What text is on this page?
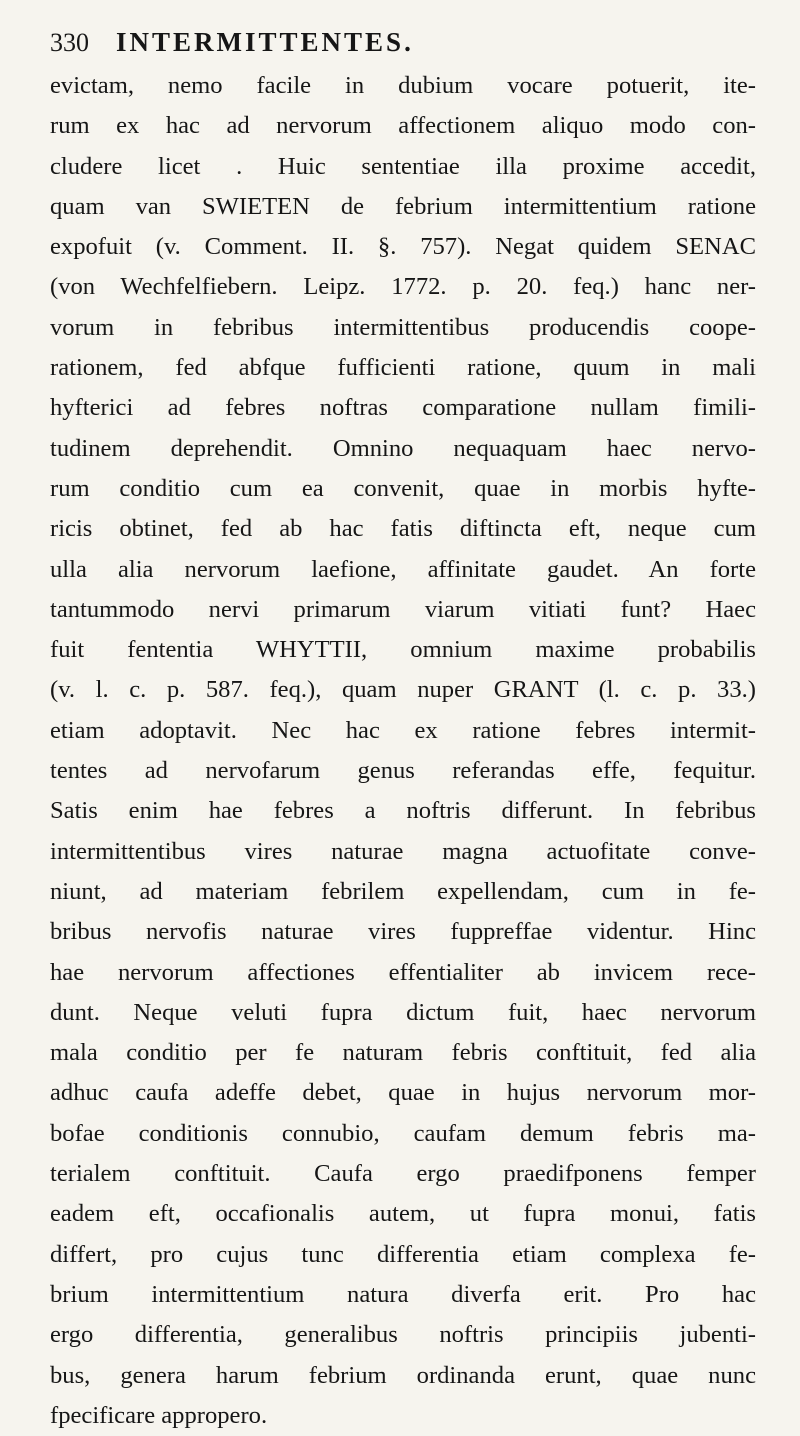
330	INTERMITTENTES.

evictam, nemo facile in dubium vocare potuerit, ite-
rum ex hac ad nervorum affectionem aliquo modo con-
cludere licet . Huic sententiae illa proxime accedit,
quam van SWIETEN de febrium intermittentium ratione
expofuit (v. Comment. II. §. 757). Negat quidem SENAC
(von Wechfelfiebern. Leipz. 1772. p. 20. feq.) hanc ner-
vorum in febribus intermittentibus producendis coope-
rationem, fed abfque fufficienti ratione, quum in mali
hyfterici ad febres noftras comparatione nullam fimili-
tudinem deprehendit. Omnino nequaquam haec nervo-
rum conditio cum ea convenit, quae in morbis hyfte-
ricis obtinet, fed ab hac fatis diftincta eft, neque cum
ulla alia nervorum laefione, affinitate gaudet. An forte
tantummodo nervi primarum viarum vitiati funt? Haec
fuit fententia WHYTTII, omnium maxime probabilis
(v. l. c. p. 587. feq.), quam nuper GRANT (l. c. p. 33.)
etiam adoptavit. Nec hac ex ratione febres intermit-
tentes ad nervofarum genus referandas effe, fequitur.
Satis enim hae febres a noftris differunt. In febribus
intermittentibus vires naturae magna actuofitate conve-
niunt, ad materiam febrilem expellendam, cum in fe-
bribus nervofis naturae vires fuppreffae videntur. Hinc
hae nervorum affectiones effentialiter ab invicem rece-
dunt. Neque veluti fupra dictum fuit, haec nervorum
mala conditio per fe naturam febris conftituit, fed alia
adhuc caufa adeffe debet, quae in hujus nervorum mor-
bofae conditionis connubio, caufam demum febris ma-
terialem conftituit. Caufa ergo praedifponens femper
eadem eft, occafionalis autem, ut fupra monui, fatis
differt, pro cujus tunc differentia etiam complexa fe-
brium intermittentium natura diverfa erit. Pro hac
ergo differentia, generalibus noftris principiis jubenti-
bus, genera harum febrium ordinanda erunt, quae nunc
fpecificare appropero.
